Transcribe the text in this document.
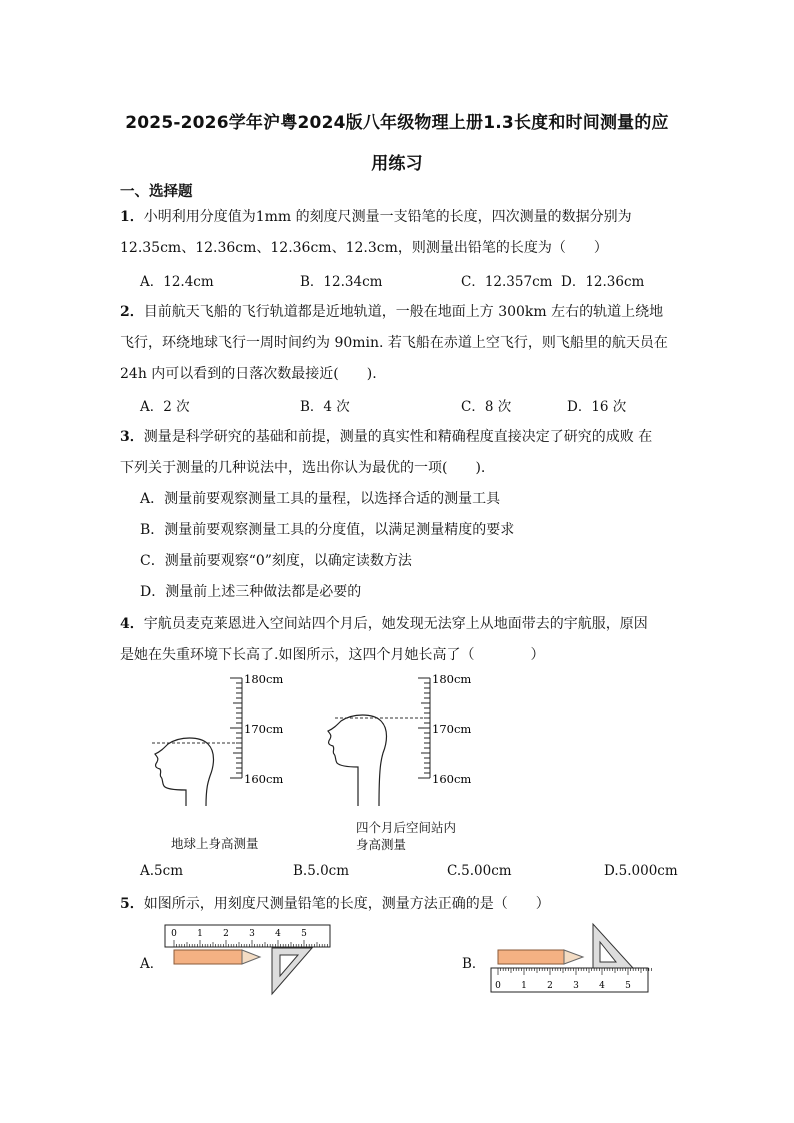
2025-2026学年沪粤2024版八年级物理上册1.3长度和时间测量的应
用练习
一、选择题
1．小明利用分度值为1mm 的刻度尺测量一支铅笔的长度，四次测量的数据分别为
12.35cm、12.36cm、12.36cm、12.3cm，则测量出铅笔的长度为（　　）
A．12.4cm	B．12.34cm	C．12.357cm D．12.36cm
2．目前航天飞船的飞行轨道都是近地轨道，一般在地面上方 300km 左右的轨道上绕地
飞行，环绕地球飞行一周时间约为 90min. 若飞船在赤道上空飞行，则飞船里的航天员在
24h 内可以看到的日落次数最接近(　　).
A．2 次	B．4 次	C．8 次	D．16 次
3．测量是科学研究的基础和前提，测量的真实性和精确程度直接决定了研究的成败 在
下列关于测量的几种说法中，选出你认为最优的一项(　　).
A．测量前要观察测量工具的量程，以选择合适的测量工具
B．测量前要观察测量工具的分度值，以满足测量精度的要求
C．测量前要观察“0”刻度，以确定读数方法
D．测量前上述三种做法都是必要的
4．宇航员麦克莱恩进入空间站四个月后，她发现无法穿上从地面带去的宇航服，原因
是她在失重环境下长高了.如图所示，这四个月她长高了（　　　　）
180cm
170cm
160cm
180cm
170cm
160cm
地球上身高测量
四个月后空间站内
身高测量
A.5cm	B.5.0cm	C.5.00cm	D.5.000cm
5．如图所示，用刻度尺测量铅笔的长度，测量方法正确的是（　　）
A．	B．
0 1 2 3 4 5
0 1 2 3 4 5
